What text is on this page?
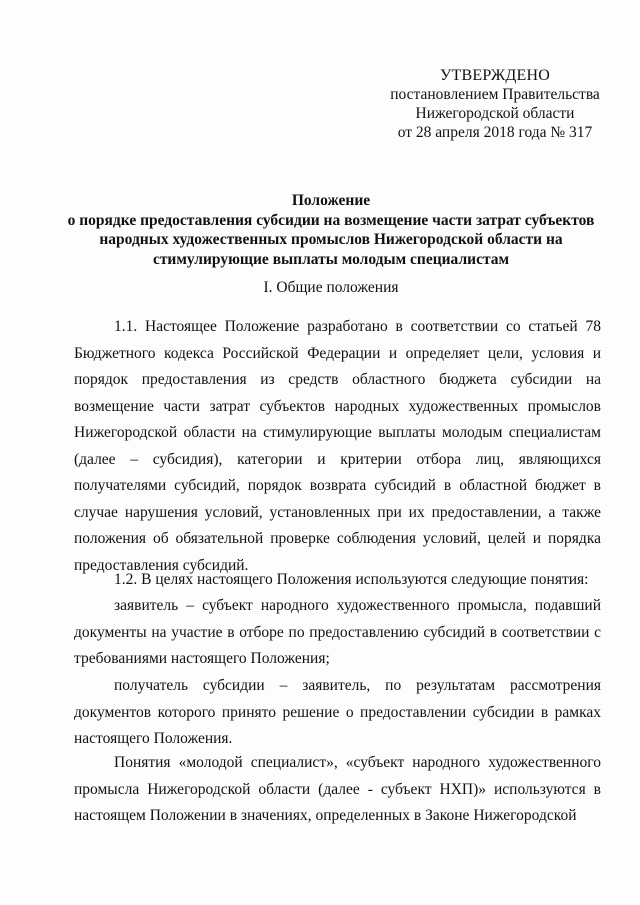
УТВЕРЖДЕНО
постановлением Правительства
Нижегородской области
от 28 апреля 2018 года № 317
Положение
о порядке предоставления субсидии на возмещение части затрат субъектов
народных художественных промыслов Нижегородской области на
стимулирующие выплаты молодым специалистам
I. Общие положения

1.1. Настоящее Положение разработано в соответствии со статьей 78 Бюджетного кодекса Российской Федерации и определяет цели, условия и порядок предоставления из средств областного бюджета субсидии на возмещение части затрат субъектов народных художественных промыслов Нижегородской области на стимулирующие выплаты молодым специалистам (далее – субсидия), категории и критерии отбора лиц, являющихся получателями субсидий, порядок возврата субсидий в областной бюджет в случае нарушения условий, установленных при их предоставлении, а также положения об обязательной проверке соблюдения условий, целей и порядка предоставления субсидий.

1.2. В целях настоящего Положения используются следующие понятия:

заявитель – субъект народного художественного промысла, подавший документы на участие в отборе по предоставлению субсидий в соответствии с требованиями настоящего Положения;

получатель субсидии – заявитель, по результатам рассмотрения документов которого принято решение о предоставлении субсидии в рамках настоящего Положения.

Понятия «молодой специалист», «субъект народного художественного промысла Нижегородской области (далее - субъект НХП)» используются в настоящем Положении в значениях, определенных в Законе Нижегородской
